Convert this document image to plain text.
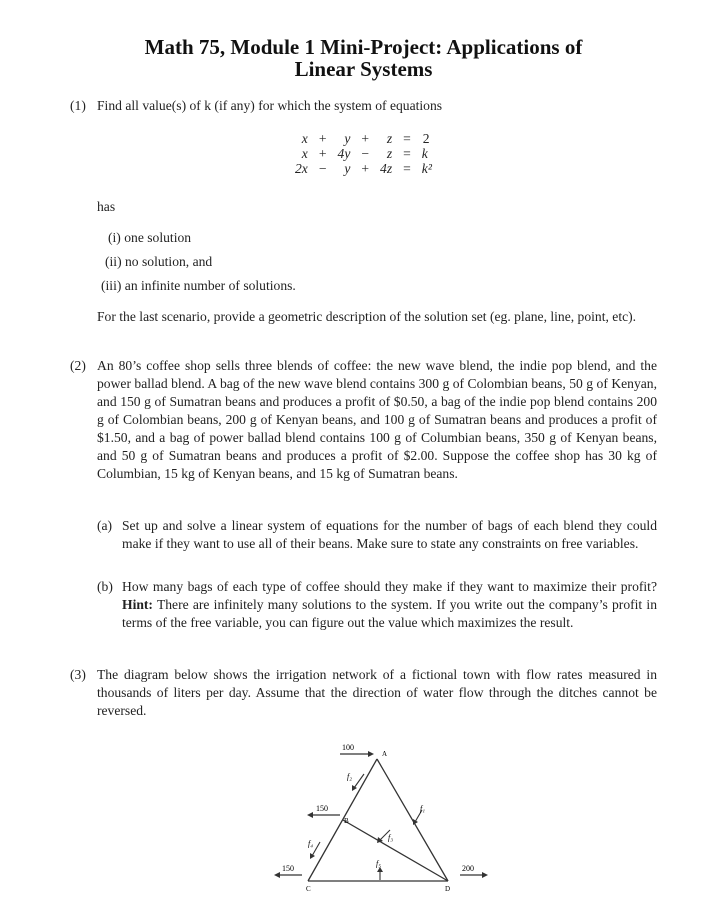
Math 75, Module 1 Mini-Project: Applications of
Linear Systems
(1) Find all value(s) of k (if any) for which the system of equations
x	+	y	+	z	=	2
x	+	4y	−	z	=	k
2x	−	y	+	4z	=	k²
has
(i) one solution
(ii) no solution, and
(iii) an infinite number of solutions.
For the last scenario, provide a geometric description of the solution set (eg. plane, line, point, etc).
(2) An 80’s coffee shop sells three blends of coffee: the new wave blend, the indie pop blend, and the power ballad blend. A bag of the new wave blend contains 300 g of Colombian beans, 50 g of Kenyan, and 150 g of Sumatran beans and produces a profit of $0.50, a bag of the indie pop blend contains 200 g of Colombian beans, 200 g of Kenyan beans, and 100 g of Sumatran beans and produces a profit of $1.50, and a bag of power ballad blend contains 100 g of Columbian beans, 350 g of Kenyan beans, and 50 g of Sumatran beans and produces a profit of $2.00. Suppose the coffee shop has 30 kg of Columbian, 15 kg of Kenyan beans, and 15 kg of Sumatran beans.
(a) Set up and solve a linear system of equations for the number of bags of each blend they could make if they want to use all of their beans. Make sure to state any constraints on free variables.
(b) How many bags of each type of coffee should they make if they want to maximize their profit? Hint: There are infinitely many solutions to the system. If you write out the company’s profit in terms of the free variable, you can figure out the value which maximizes the result.
(3) The diagram below shows the irrigation network of a fictional town with flow rates measured in thousands of liters per day. Assume that the direction of water flow through the ditches cannot be reversed.
100
A
150
B
150
C
200
D
f₂
f₁
f₃
f₄
f₅
